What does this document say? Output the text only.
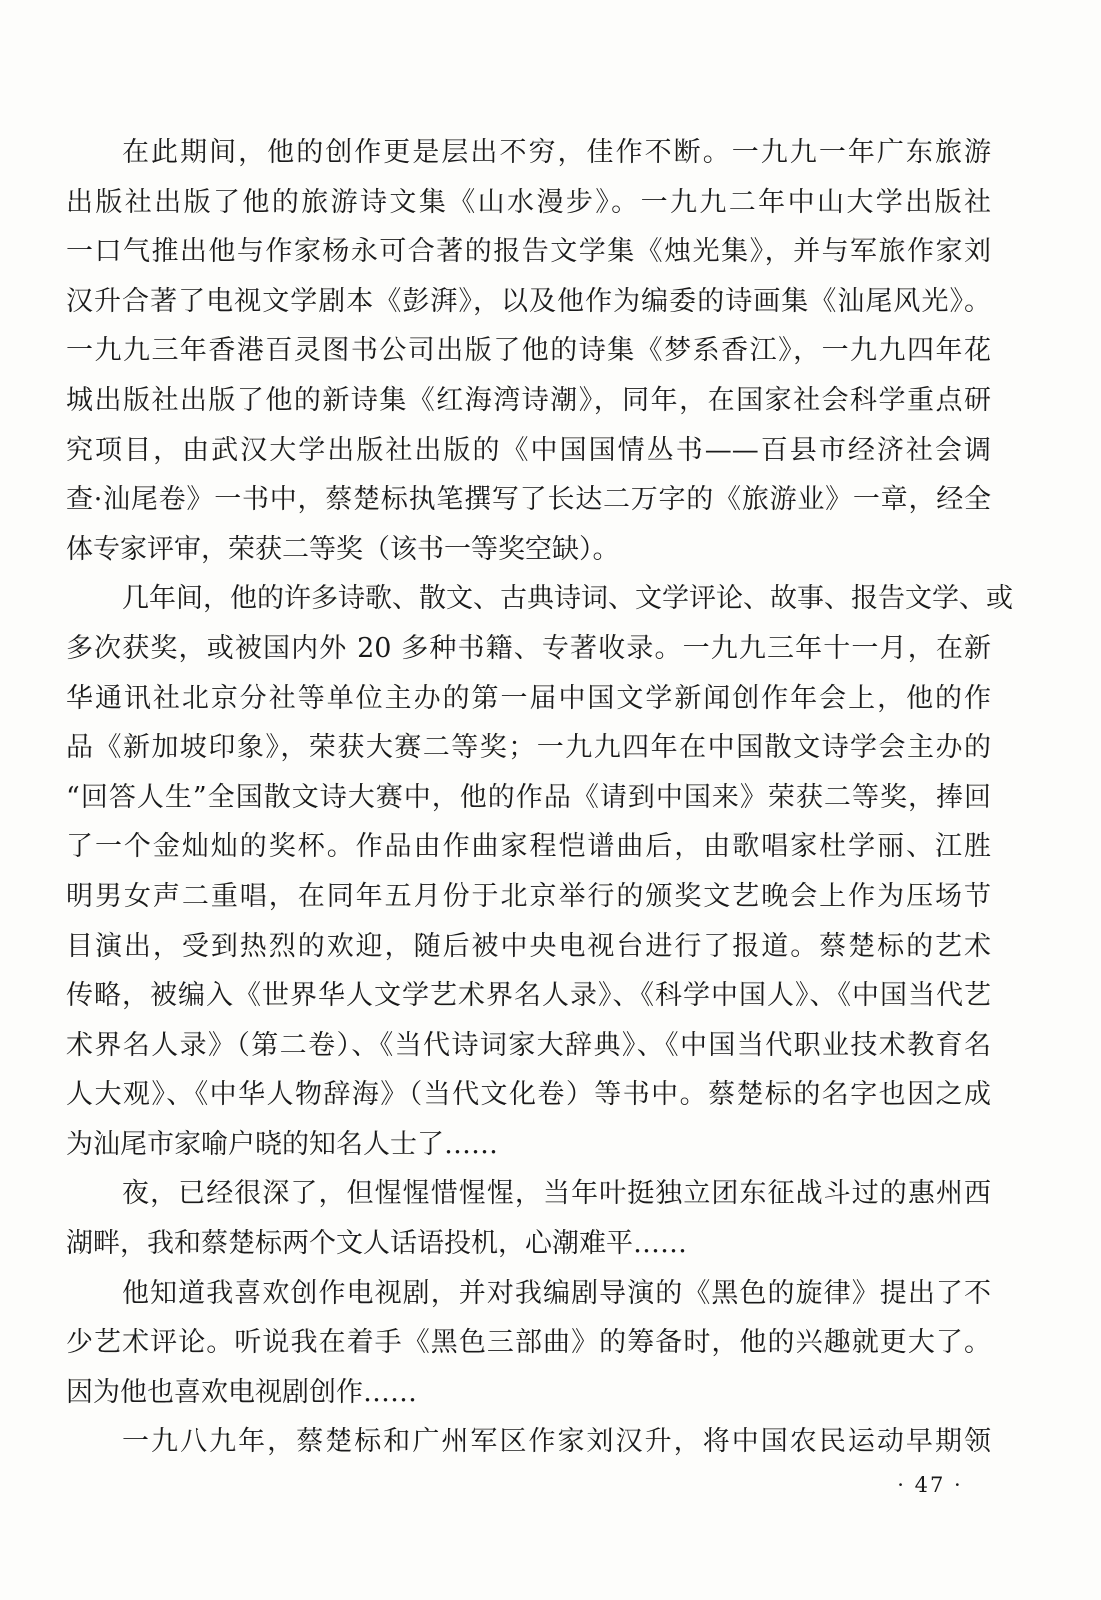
在此期间，他的创作更是层出不穷，佳作不断。一九九一年广东旅游
出版社出版了他的旅游诗文集《山水漫步》。一九九二年中山大学出版社
一口气推出他与作家杨永可合著的报告文学集《烛光集》，并与军旅作家刘
汉升合著了电视文学剧本《彭湃》，以及他作为编委的诗画集《汕尾风光》。
一九九三年香港百灵图书公司出版了他的诗集《梦系香江》，一九九四年花
城出版社出版了他的新诗集《红海湾诗潮》，同年，在国家社会科学重点研
究项目，由武汉大学出版社出版的《中国国情丛书——百县市经济社会调
查·汕尾卷》一书中，蔡楚标执笔撰写了长达二万字的《旅游业》一章，经全
体专家评审，荣获二等奖（该书一等奖空缺）。
几年间，他的许多诗歌、散文、古典诗词、文学评论、故事、报告文学、或
多次获奖，或被国内外 20 多种书籍、专著收录。一九九三年十一月，在新
华通讯社北京分社等单位主办的第一届中国文学新闻创作年会上，他的作
品《新加坡印象》，荣获大赛二等奖；一九九四年在中国散文诗学会主办的
“回答人生”全国散文诗大赛中，他的作品《请到中国来》荣获二等奖，捧回
了一个金灿灿的奖杯。作品由作曲家程恺谱曲后，由歌唱家杜学丽、江胜
明男女声二重唱，在同年五月份于北京举行的颁奖文艺晚会上作为压场节
目演出，受到热烈的欢迎，随后被中央电视台进行了报道。蔡楚标的艺术
传略，被编入《世界华人文学艺术界名人录》、《科学中国人》、《中国当代艺
术界名人录》（第二卷）、《当代诗词家大辞典》、《中国当代职业技术教育名
人大观》、《中华人物辞海》（当代文化卷）等书中。蔡楚标的名字也因之成
为汕尾市家喻户晓的知名人士了……
夜，已经很深了，但惺惺惜惺惺，当年叶挺独立团东征战斗过的惠州西
湖畔，我和蔡楚标两个文人话语投机，心潮难平……
他知道我喜欢创作电视剧，并对我编剧导演的《黑色的旋律》提出了不
少艺术评论。听说我在着手《黑色三部曲》的筹备时，他的兴趣就更大了。
因为他也喜欢电视剧创作……
一九八九年，蔡楚标和广州军区作家刘汉升，将中国农民运动早期领
· 47 ·
